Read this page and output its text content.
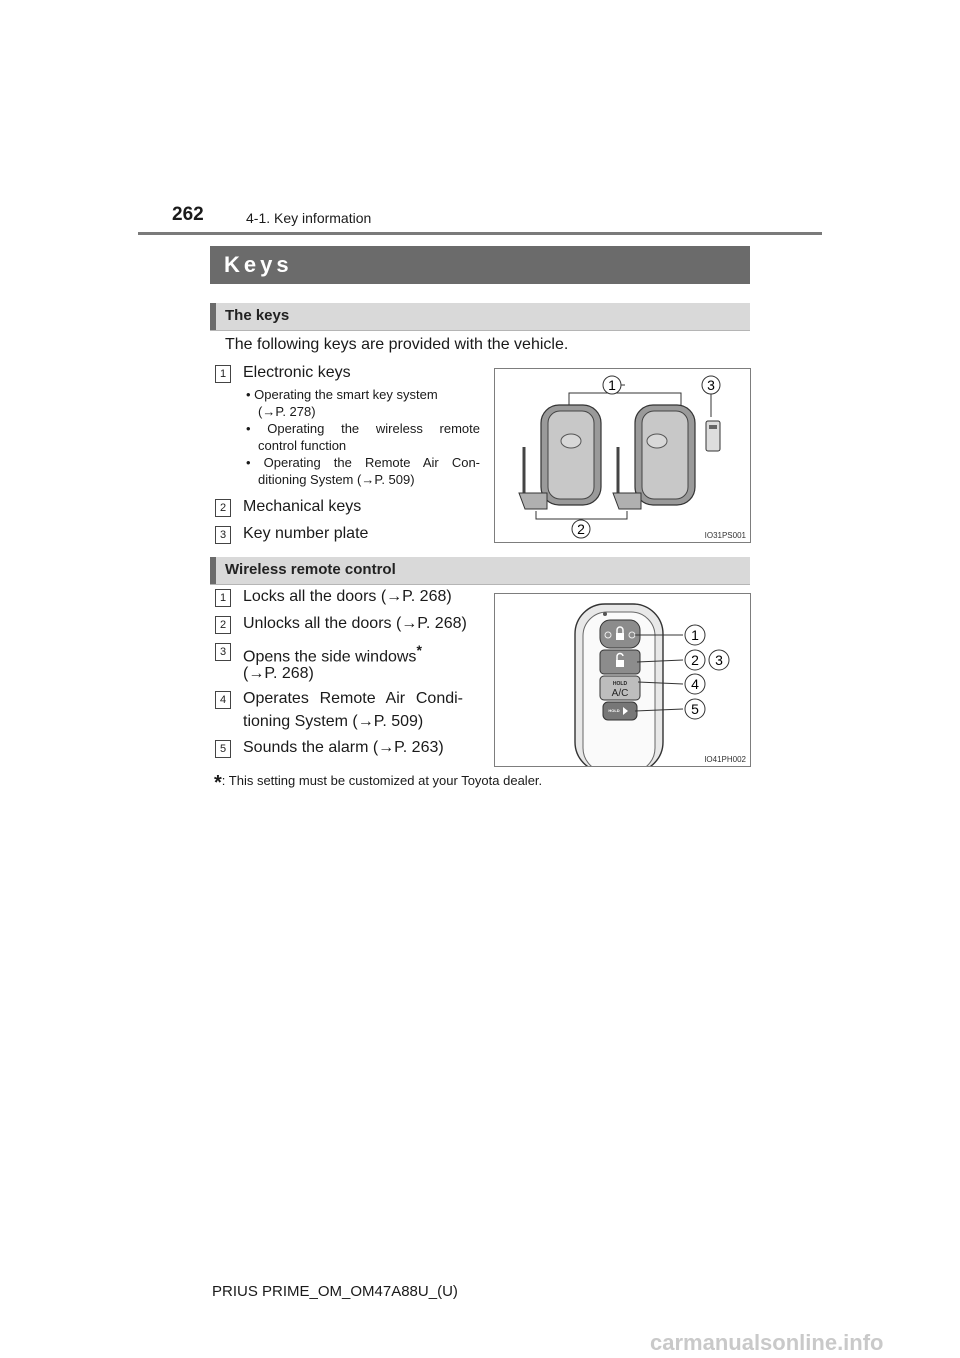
262	4-1. Key information
Keys
The keys
The following keys are provided with the vehicle.
1	Electronic keys
• Operating the smart key system
(→P. 278)
• Operating the wireless remote
control function
• Operating the Remote Air Con-
ditioning System (→P. 509)
2	Mechanical keys
3	Key number plate
1	3
2	IO31PS001
Wireless remote control
1	Locks all the doors (→P. 268)
2	Unlocks all the doors (→P. 268)
3	Opens the side windows*
(→P. 268)
4	Operates Remote Air Condi-
tioning System (→P. 509)
5	Sounds the alarm (→P. 263)
HOLD
A/C
HOLD
1
2 3
4
5
IO41PH002
*: This setting must be customized at your Toyota dealer.
PRIUS PRIME_OM_OM47A88U_(U)
carmanualsonline.info
